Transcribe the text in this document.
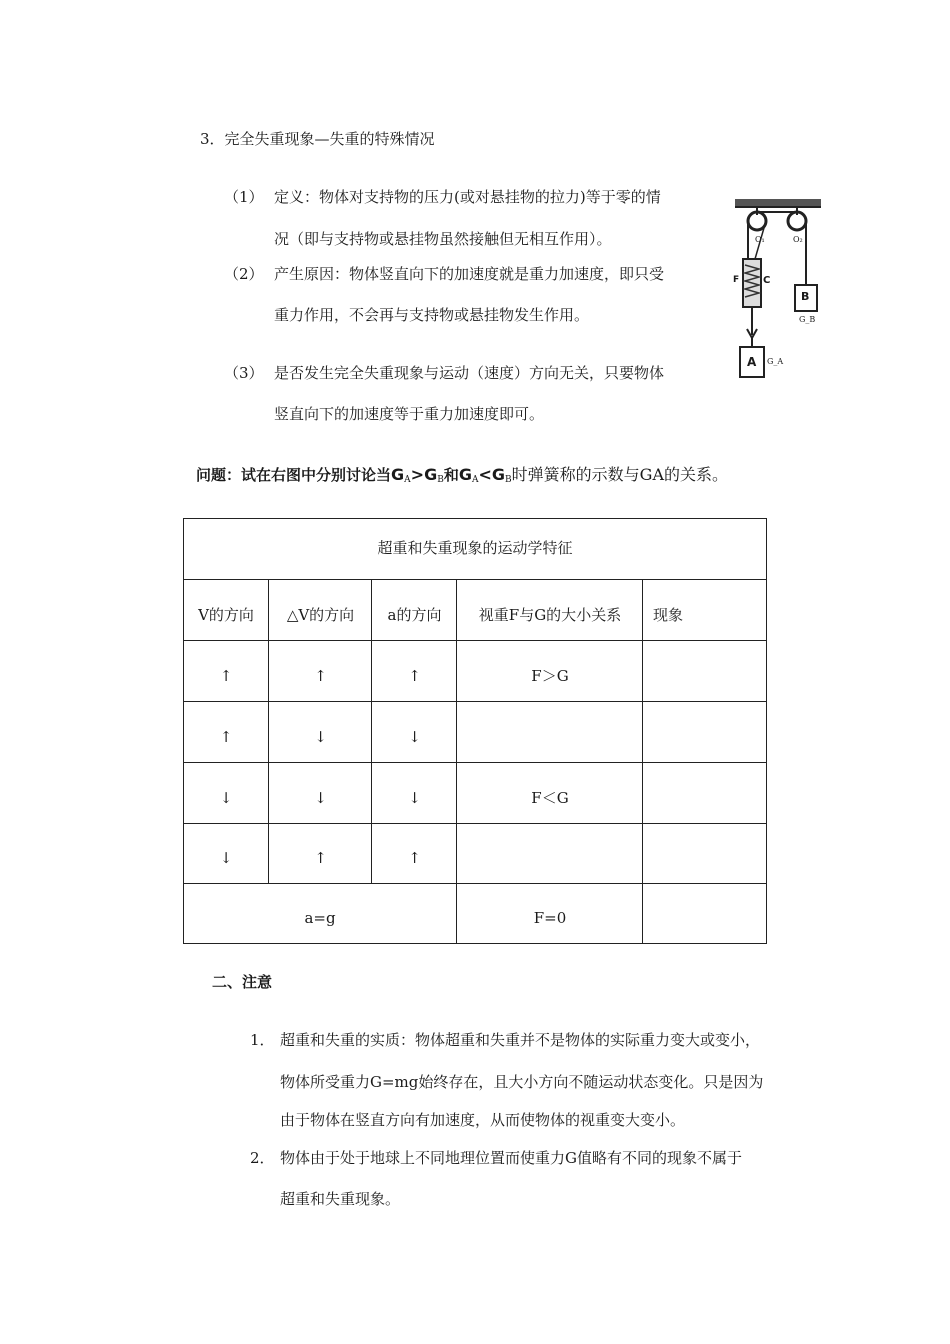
3．完全失重现象—失重的特殊情况
（1） 定义：物体对支持物的压力(或对悬挂物的拉力)等于零的情
况（即与支持物或悬挂物虽然接触但无相互作用）。
（2） 产生原因：物体竖直向下的加速度就是重力加速度，即只受
重力作用，不会再与支持物或悬挂物发生作用。
（3） 是否发生完全失重现象与运动（速度）方向无关，只要物体
竖直向下的加速度等于重力加速度即可。
O₁	O₂
F C
B
G_B
A G_A
问题：试在右图中分别讨论当$G_A>G_B$和$G_A<G_B$时弹簧称的示数与GA的关系。
超重和失重现象的运动学特征
V的方向	△V的方向	a的方向	视重F与G的大小关系	现象
↑	↑	↑	F＞G
↑	↓	↓
↓	↓	↓	F＜G
↓	↑	↑
a=g	F=0
二、注意
1． 超重和失重的实质：物体超重和失重并不是物体的实际重力变大或变小，
物体所受重力G=mg始终存在，且大小方向不随运动状态变化。只是因为
由于物体在竖直方向有加速度，从而使物体的视重变大变小。
2． 物体由于处于地球上不同地理位置而使重力G值略有不同的现象不属于
超重和失重现象。
